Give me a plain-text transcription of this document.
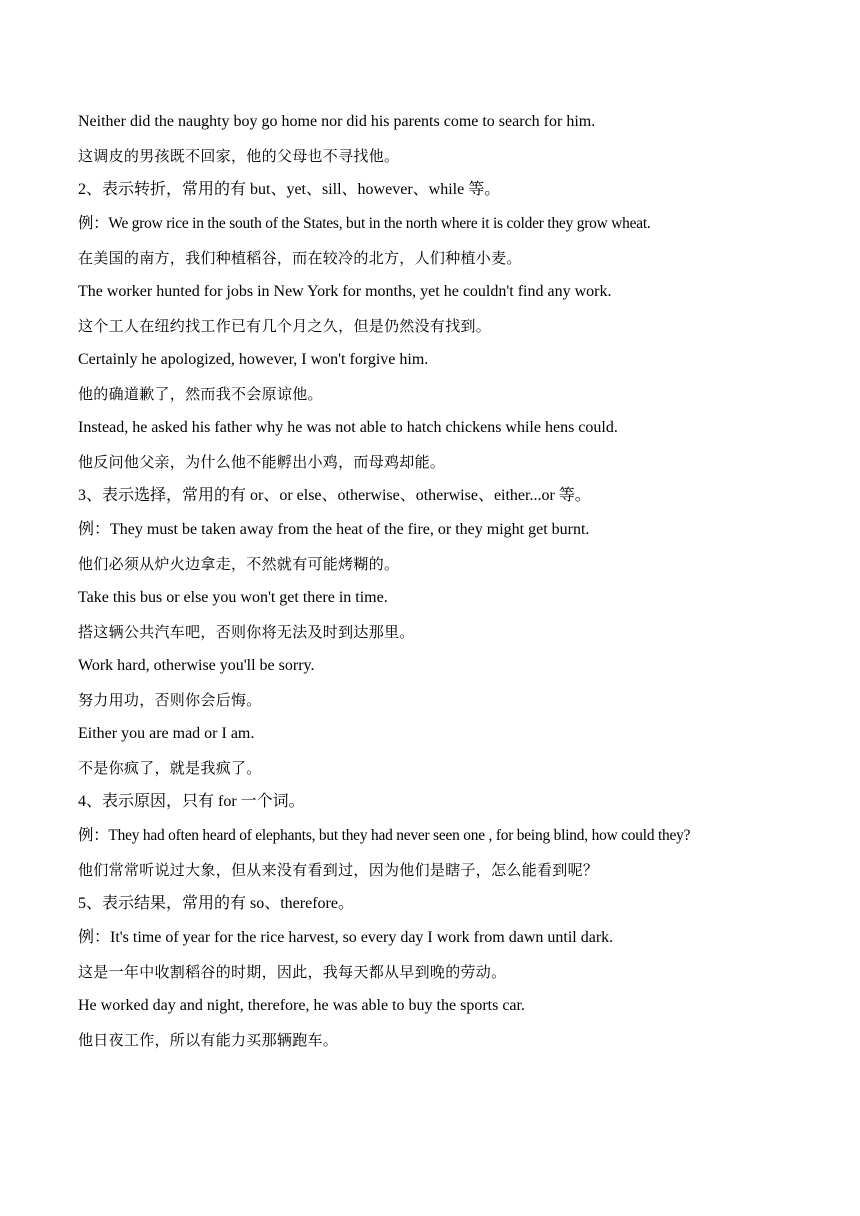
Neither did the naughty boy go home nor did his parents come to search for him.
这调皮的男孩既不回家，他的父母也不寻找他。
2、表示转折，常用的有 but、yet、sill、however、while 等。
例：We grow rice in the south of the States, but in the north where it is colder they grow wheat.
在美国的南方，我们种植稻谷，而在较冷的北方，人们种植小麦。
The worker hunted for jobs in New York for months, yet he couldn't find any work.
这个工人在纽约找工作已有几个月之久，但是仍然没有找到。
Certainly he apologized, however, I won't forgive him.
他的确道歉了，然而我不会原谅他。
Instead, he asked his father why he was not able to hatch chickens while hens could.
他反问他父亲，为什么他不能孵出小鸡，而母鸡却能。
3、表示选择，常用的有 or、or else、otherwise、otherwise、either...or 等。
例：They must be taken away from the heat of the fire, or they might get burnt.
他们必须从炉火边拿走，不然就有可能烤糊的。
Take this bus or else you won't get there in time.
搭这辆公共汽车吧，否则你将无法及时到达那里。
Work hard, otherwise you'll be sorry.
努力用功，否则你会后悔。
Either you are mad or I am.
不是你疯了，就是我疯了。
4、表示原因，只有 for 一个词。
例：They had often heard of elephants, but they had never seen one , for being blind, how could they?
他们常常听说过大象，但从来没有看到过，因为他们是瞎子，怎么能看到呢？
5、表示结果，常用的有 so、therefore。
例：It's time of year for the rice harvest, so every day I work from dawn until dark.
这是一年中收割稻谷的时期，因此，我每天都从早到晚的劳动。
He worked day and night, therefore, he was able to buy the sports car.
他日夜工作，所以有能力买那辆跑车。
